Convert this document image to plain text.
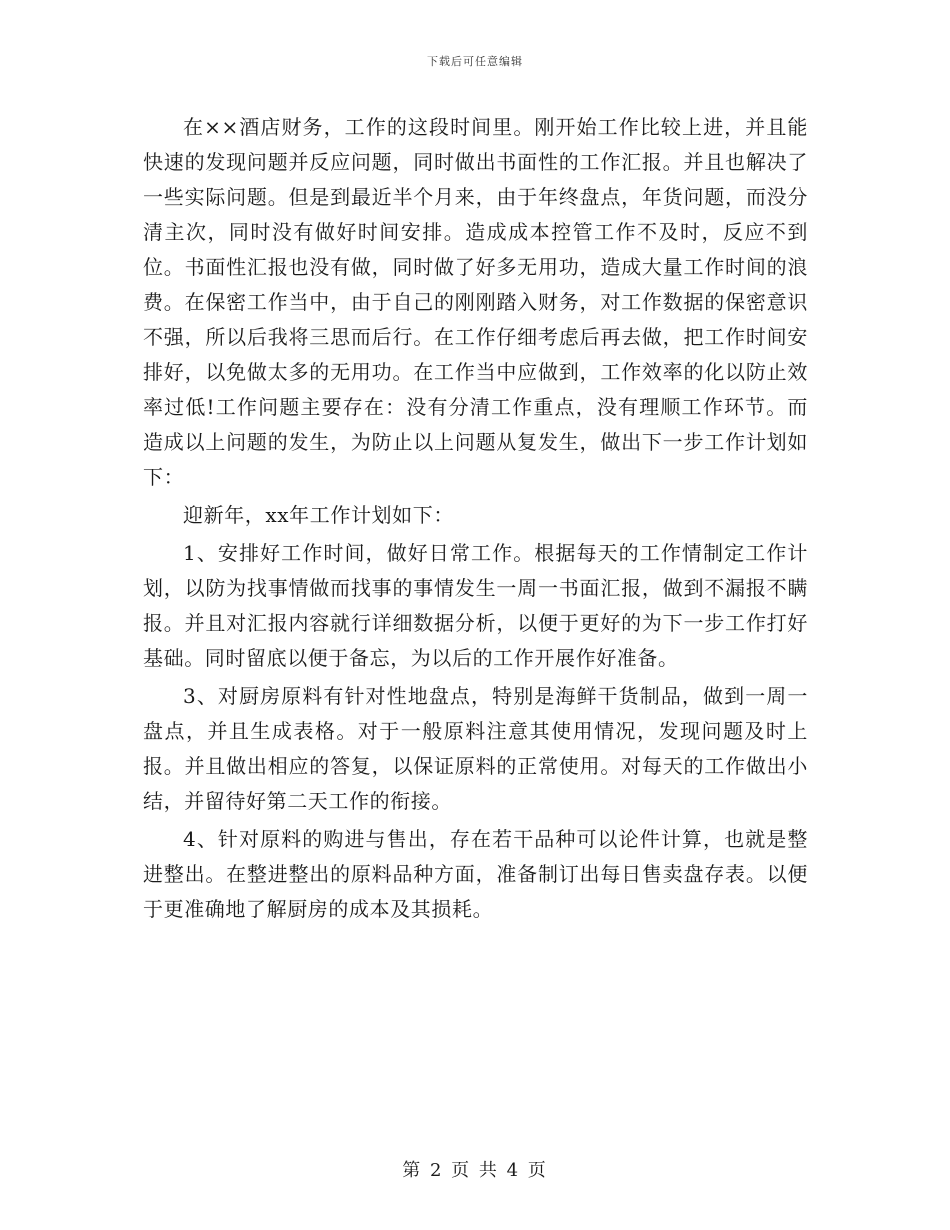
下载后可任意编辑

在××酒店财务，工作的这段时间里。刚开始工作比较上进，并且能快速的发现问题并反应问题，同时做出书面性的工作汇报。并且也解决了一些实际问题。但是到最近半个月来，由于年终盘点，年货问题，而没分清主次，同时没有做好时间安排。造成成本控管工作不及时，反应不到位。书面性汇报也没有做，同时做了好多无用功，造成大量工作时间的浪费。在保密工作当中，由于自己的刚刚踏入财务，对工作数据的保密意识不强，所以后我将三思而后行。在工作仔细考虑后再去做，把工作时间安排好，以免做太多的无用功。在工作当中应做到，工作效率的化以防止效率过低!工作问题主要存在：没有分清工作重点，没有理顺工作环节。而造成以上问题的发生，为防止以上问题从复发生，做出下一步工作计划如下：

迎新年，xx年工作计划如下：

1、安排好工作时间，做好日常工作。根据每天的工作情制定工作计划，以防为找事情做而找事的事情发生一周一书面汇报，做到不漏报不瞒报。并且对汇报内容就行详细数据分析，以便于更好的为下一步工作打好基础。同时留底以便于备忘，为以后的工作开展作好准备。

3、对厨房原料有针对性地盘点，特别是海鲜干货制品，做到一周一盘点，并且生成表格。对于一般原料注意其使用情况，发现问题及时上报。并且做出相应的答复，以保证原料的正常使用。对每天的工作做出小结，并留待好第二天工作的衔接。

4、针对原料的购进与售出，存在若干品种可以论件计算，也就是整进整出。在整进整出的原料品种方面，准备制订出每日售卖盘存表。以便于更准确地了解厨房的成本及其损耗。

第 2 页 共 4 页
